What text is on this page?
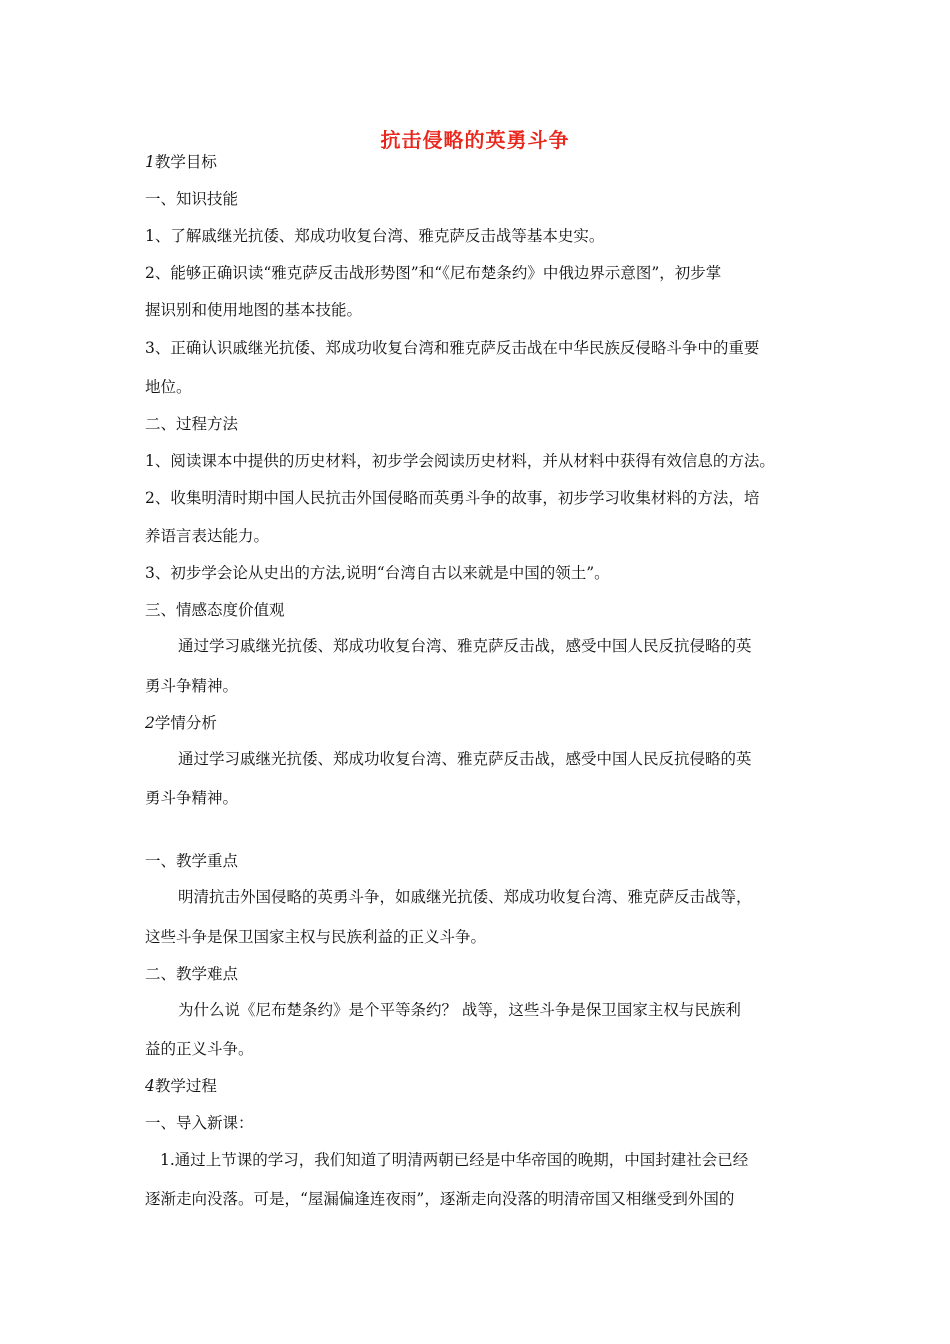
抗击侵略的英勇斗争
1教学目标
一、知识技能
1、了解戚继光抗倭、郑成功收复台湾、雅克萨反击战等基本史实。
2、能够正确识读“雅克萨反击战形势图”和“《尼布楚条约》中俄边界示意图”，初步掌
握识别和使用地图的基本技能。
3、正确认识戚继光抗倭、郑成功收复台湾和雅克萨反击战在中华民族反侵略斗争中的重要
地位。
二、过程方法
1、阅读课本中提供的历史材料，初步学会阅读历史材料，并从材料中获得有效信息的方法。
2、收集明清时期中国人民抗击外国侵略而英勇斗争的故事，初步学习收集材料的方法，培
养语言表达能力。
3、初步学会论从史出的方法,说明“台湾自古以来就是中国的领土”。
三、情感态度价值观
通过学习戚继光抗倭、郑成功收复台湾、雅克萨反击战，感受中国人民反抗侵略的英
勇斗争精神。
2学情分析
通过学习戚继光抗倭、郑成功收复台湾、雅克萨反击战，感受中国人民反抗侵略的英
勇斗争精神。
一、教学重点
明清抗击外国侵略的英勇斗争，如戚继光抗倭、郑成功收复台湾、雅克萨反击战等，
这些斗争是保卫国家主权与民族利益的正义斗争。
二、教学难点
为什么说《尼布楚条约》是个平等条约？ 战等，这些斗争是保卫国家主权与民族利
益的正义斗争。
4教学过程
一、导入新课：
1.通过上节课的学习，我们知道了明清两朝已经是中华帝国的晚期，中国封建社会已经
逐渐走向没落。可是，“屋漏偏逢连夜雨”，逐渐走向没落的明清帝国又相继受到外国的
